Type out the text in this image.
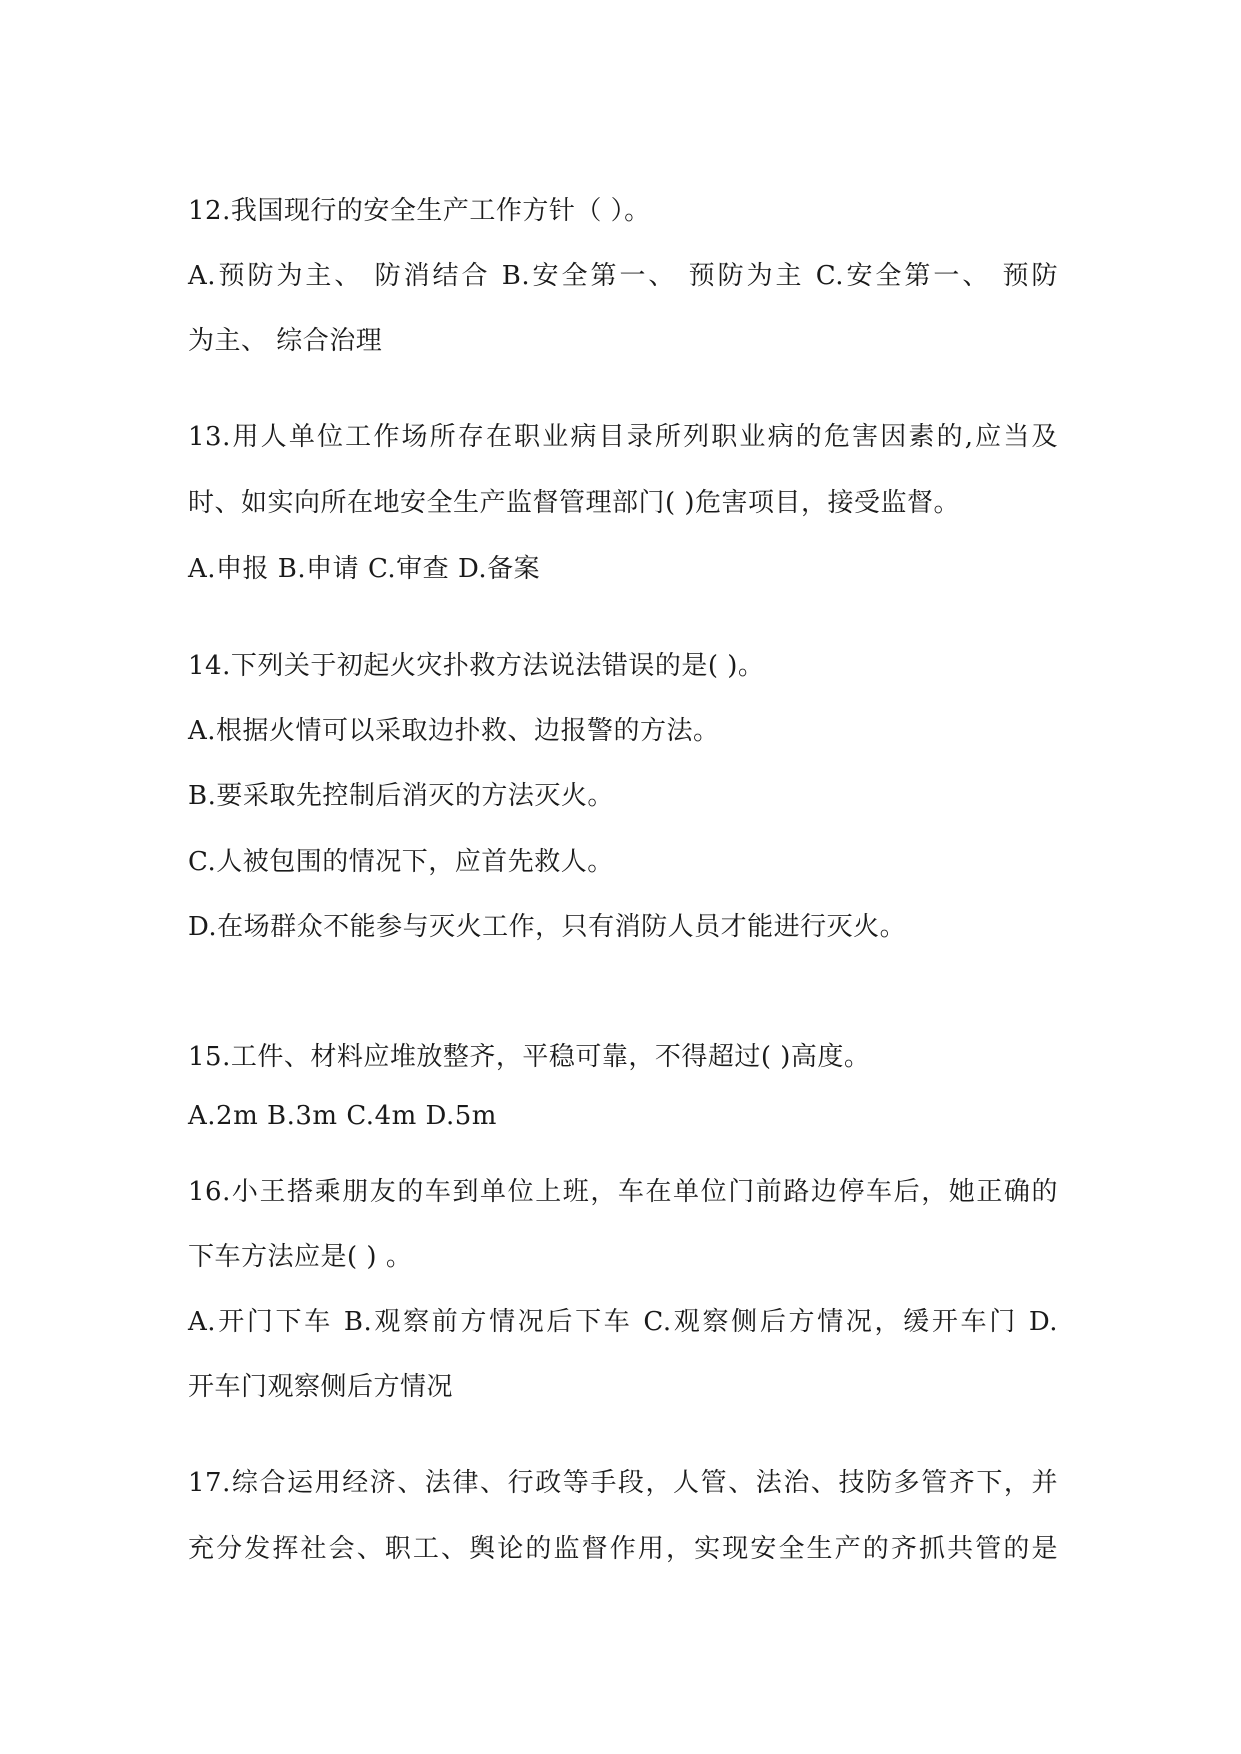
12.我国现行的安全生产工作方针（ ）。
A.预防为主、 防消结合 B.安全第一、 预防为主 C.安全第一、 预防
为主、 综合治理
13.用人单位工作场所存在职业病目录所列职业病的危害因素的,应当及
时、如实向所在地安全生产监督管理部门( )危害项目，接受监督。
A.申报 B.申请 C.审查 D.备案
14.下列关于初起火灾扑救方法说法错误的是( )。
A.根据火情可以采取边扑救、边报警的方法。
B.要采取先控制后消灭的方法灭火。
C.人被包围的情况下，应首先救人。
D.在场群众不能参与灭火工作，只有消防人员才能进行灭火。
15.工件、材料应堆放整齐，平稳可靠，不得超过( )高度。
A.2m B.3m C.4m D.5m
16.小王搭乘朋友的车到单位上班，车在单位门前路边停车后，她正确的
下车方法应是( ) 。
A.开门下车 B.观察前方情况后下车 C.观察侧后方情况，缓开车门 D.
开车门观察侧后方情况
17.综合运用经济、法律、行政等手段，人管、法治、技防多管齐下，并
充分发挥社会、职工、舆论的监督作用，实现安全生产的齐抓共管的是
